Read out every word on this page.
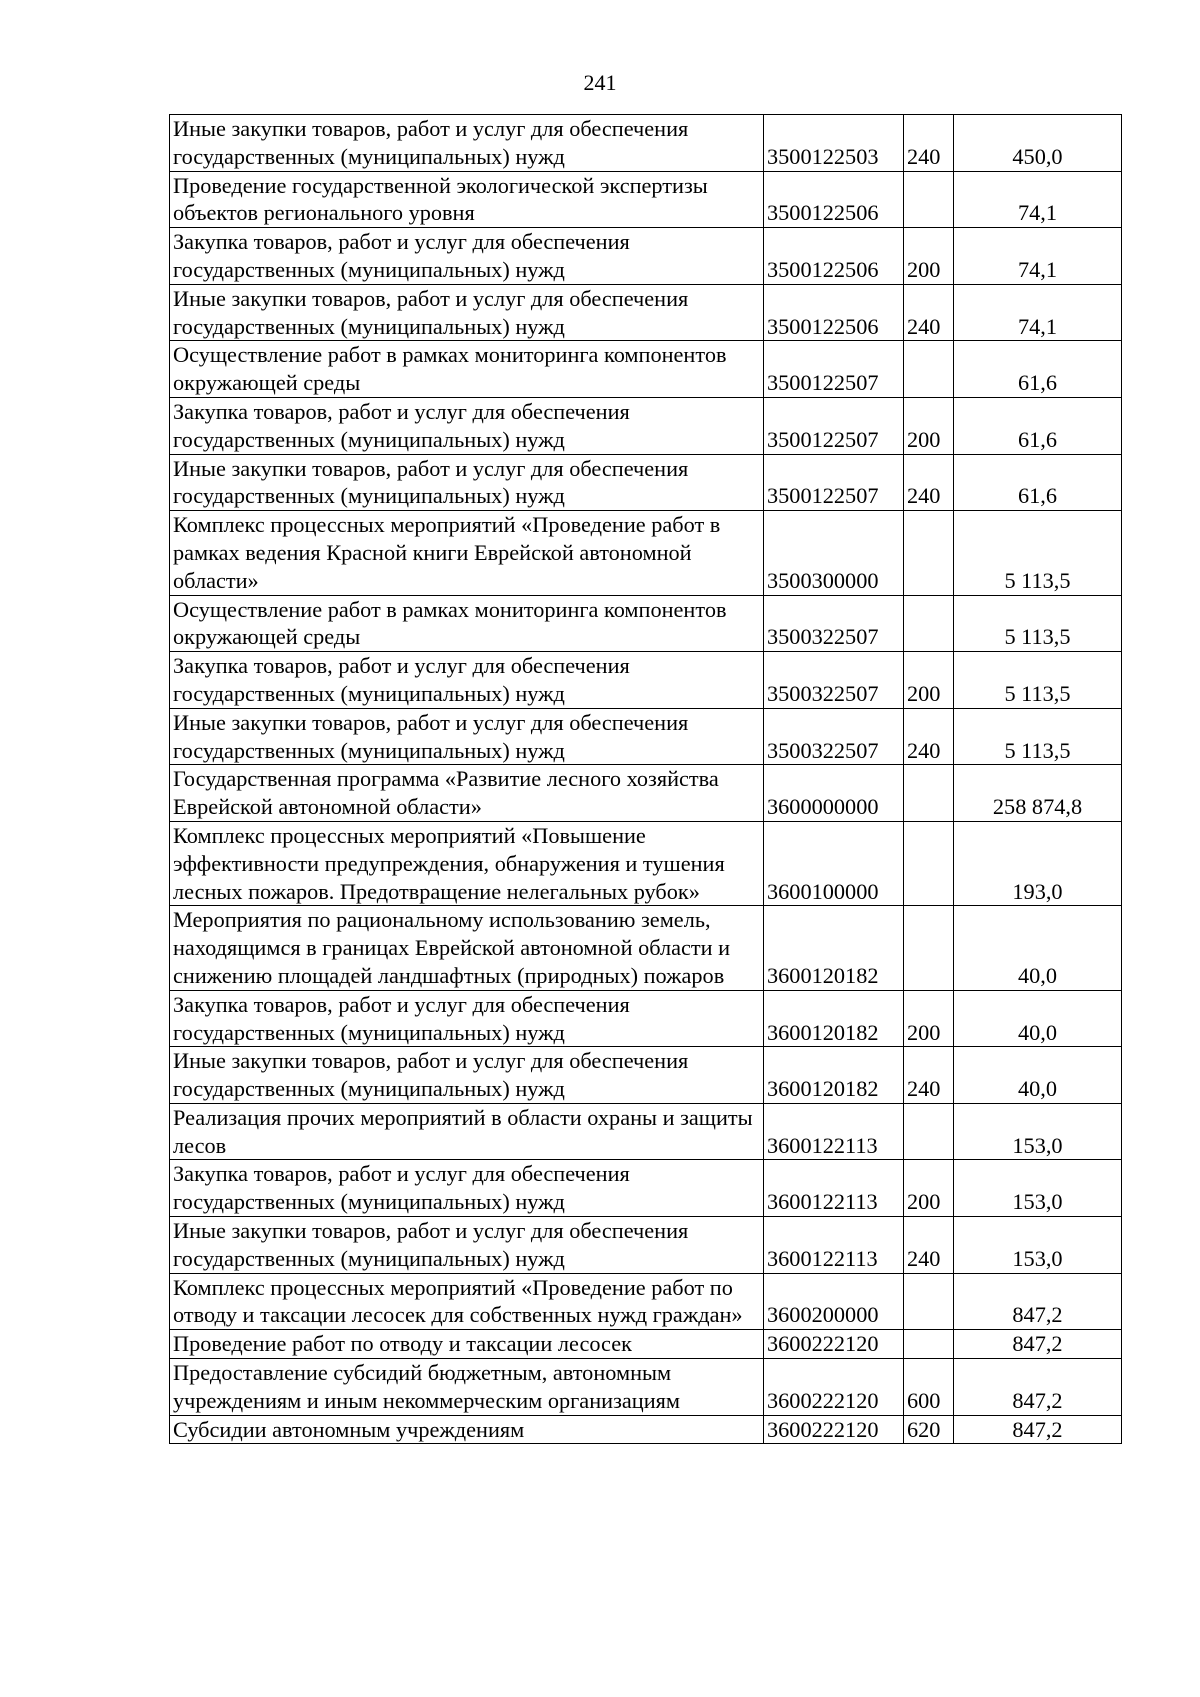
241
Иные закупки товаров, работ и услуг для обеспечения государственных (муниципальных) нужд	3500122503	240	450,0
Проведение государственной экологической экспертизы объектов регионального уровня	3500122506		74,1
Закупка товаров, работ и услуг для обеспечения государственных (муниципальных) нужд	3500122506	200	74,1
Иные закупки товаров, работ и услуг для обеспечения государственных (муниципальных) нужд	3500122506	240	74,1
Осуществление работ в рамках мониторинга компонентов окружающей среды	3500122507		61,6
Закупка товаров, работ и услуг для обеспечения государственных (муниципальных) нужд	3500122507	200	61,6
Иные закупки товаров, работ и услуг для обеспечения государственных (муниципальных) нужд	3500122507	240	61,6
Комплекс процессных мероприятий «Проведение работ в рамках ведения Красной книги Еврейской автономной области»	3500300000		5 113,5
Осуществление работ в рамках мониторинга компонентов окружающей среды	3500322507		5 113,5
Закупка товаров, работ и услуг для обеспечения государственных (муниципальных) нужд	3500322507	200	5 113,5
Иные закупки товаров, работ и услуг для обеспечения государственных (муниципальных) нужд	3500322507	240	5 113,5
Государственная программа «Развитие лесного хозяйства Еврейской автономной области»	3600000000		258 874,8
Комплекс процессных мероприятий «Повышение эффективности предупреждения, обнаружения и тушения лесных пожаров. Предотвращение нелегальных рубок»	3600100000		193,0
Мероприятия по рациональному использованию земель, находящимся в границах Еврейской автономной области и снижению площадей ландшафтных (природных) пожаров	3600120182		40,0
Закупка товаров, работ и услуг для обеспечения государственных (муниципальных) нужд	3600120182	200	40,0
Иные закупки товаров, работ и услуг для обеспечения государственных (муниципальных) нужд	3600120182	240	40,0
Реализация прочих мероприятий в области охраны и защиты лесов	3600122113		153,0
Закупка товаров, работ и услуг для обеспечения государственных (муниципальных) нужд	3600122113	200	153,0
Иные закупки товаров, работ и услуг для обеспечения государственных (муниципальных) нужд	3600122113	240	153,0
Комплекс процессных мероприятий «Проведение работ по отводу и таксации лесосек для собственных нужд граждан»	3600200000		847,2
Проведение работ по отводу и таксации лесосек	3600222120		847,2
Предоставление субсидий бюджетным, автономным учреждениям и иным некоммерческим организациям	3600222120	600	847,2
Субсидии автономным учреждениям	3600222120	620	847,2
